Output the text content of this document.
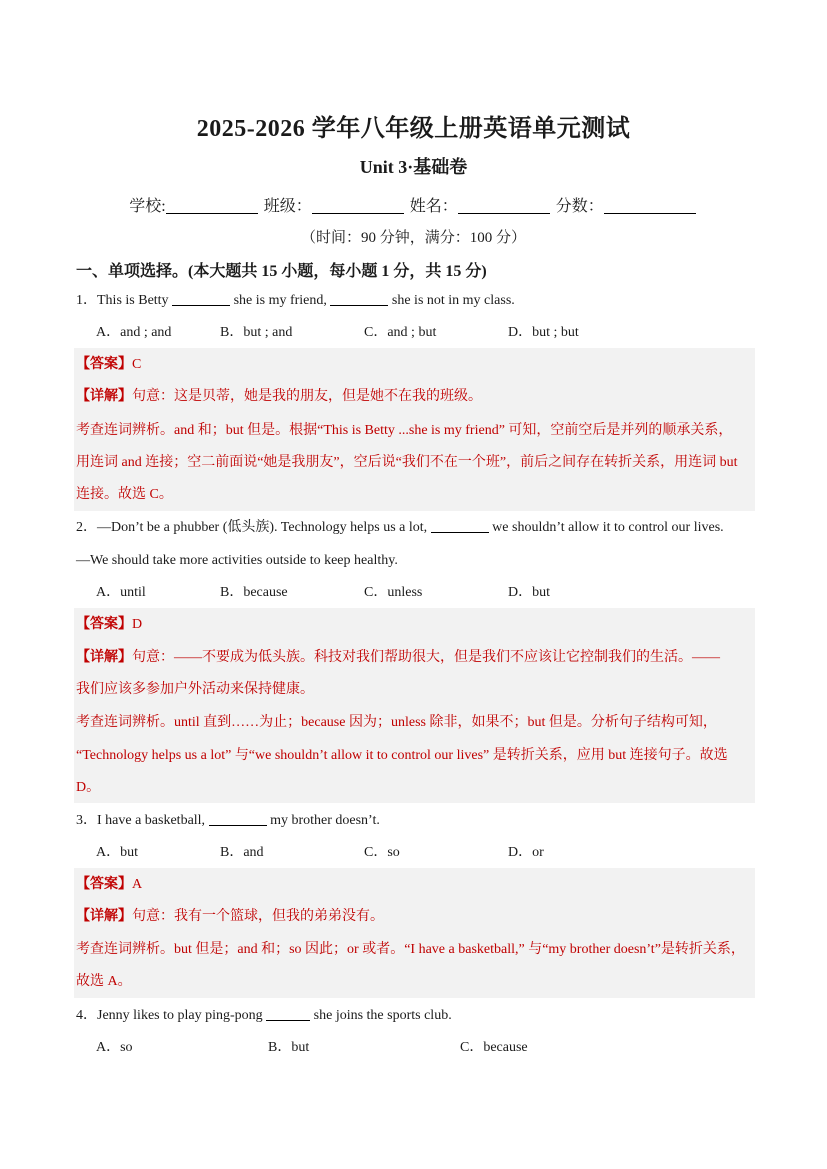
2025-2026 学年八年级上册英语单元测试
Unit 3·基础卷
学校:	班级：	姓名：	分数：
（时间：90 分钟，满分：100 分）
一、单项选择。(本大题共 15 小题，每小题 1 分，共 15 分)
1．This is Betty	she is my friend,	she is not in my class.
A．and ; and	B．but ; and	C．and ; but	D．but ; but
【答案】C
【详解】句意：这是贝蒂，她是我的朋友，但是她不在我的班级。
考查连词辨析。and 和；but 但是。根据“This is Betty ...she is my friend” 可知，空前空后是并列的顺承关系，
用连词 and 连接；空二前面说“她是我朋友”，空后说“我们不在一个班”，前后之间存在转折关系，用连词 but
连接。故选 C。
2．—Don’t be a phubber (低头族). Technology helps us a lot,	we shouldn’t allow it to control our lives.
—We should take more activities outside to keep healthy.
A．until	B．because	C．unless	D．but
【答案】D
【详解】句意：——不要成为低头族。科技对我们帮助很大，但是我们不应该让它控制我们的生活。——
我们应该多参加户外活动来保持健康。
考查连词辨析。until 直到……为止；because 因为；unless 除非，如果不；but 但是。分析句子结构可知，
“Technology helps us a lot” 与“we shouldn’t allow it to control our lives” 是转折关系，应用 but 连接句子。故选
D。
3．I have a basketball,	my brother doesn’t.
A．but	B．and	C．so	D．or
【答案】A
【详解】句意：我有一个篮球，但我的弟弟没有。
考查连词辨析。but 但是；and 和；so 因此；or 或者。“I have a basketball,” 与“my brother doesn’t”是转折关系，
故选 A。
4．Jenny likes to play ping-pong	she joins the sports club.
A．so	B．but	C．because
